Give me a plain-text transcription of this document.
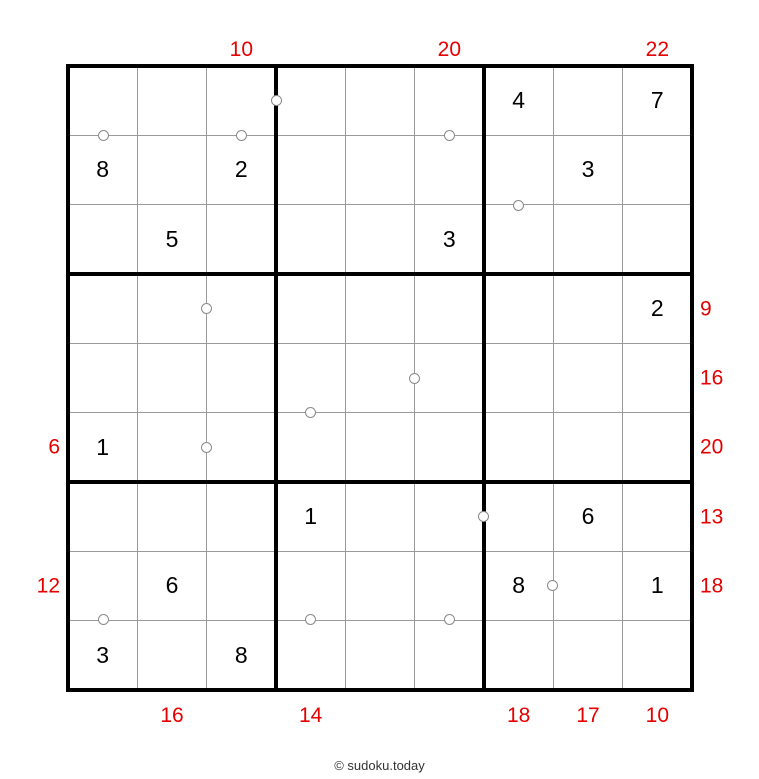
4	7
8	2	3
5	3
2
1
1	6
6	8	1
3	8
10	20	22
16	14	18 17 10
6
12
9
16
20
13
18
© sudoku.today
